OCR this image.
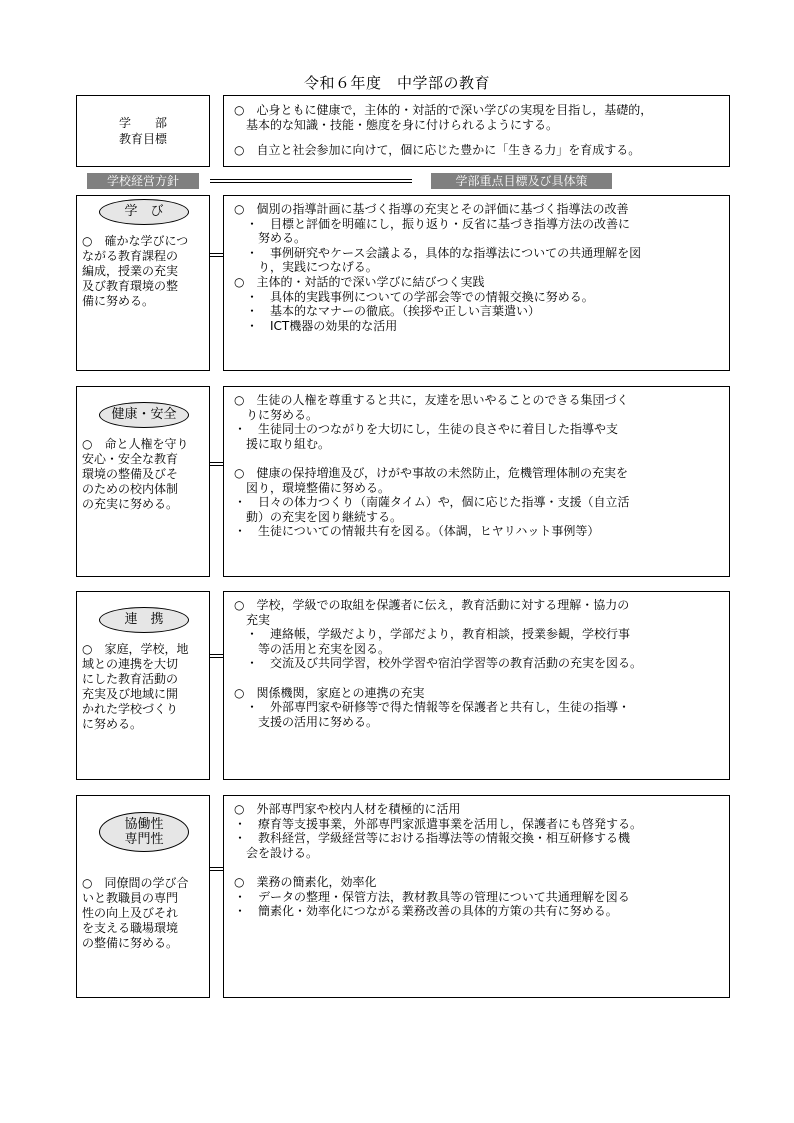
令和６年度　中学部の教育
学　　部
教育目標
○　心身ともに健康で，主体的・対話的で深い学びの実現を目指し，基礎的，
　基本的な知識・技能・態度を身に付けられるようにする。
○　自立と社会参加に向けて，個に応じた豊かに「生きる力」を育成する。
学校経営方針	学部重点目標及び具体策
学　び
○　確かな学びにつ
ながる教育課程の
編成，授業の充実
及び教育環境の整
備に努める。
○　個別の指導計画に基づく指導の充実とその評価に基づく指導法の改善
　・　目標と評価を明確にし，振り返り・反省に基づき指導方法の改善に
　　努める。
　・　事例研究やケース会議よる，具体的な指導法についての共通理解を図
　　り，実践につなげる。
○　主体的・対話的で深い学びに結びつく実践
　・　具体的実践事例についての学部会等での情報交換に努める。
　・　基本的なマナーの徹底。（挨拶や正しい言葉遣い）
　・　ICT機器の効果的な活用
健康・安全
○　命と人権を守り
安心・安全な教育
環境の整備及びそ
のための校内体制
の充実に努める。
○　生徒の人権を尊重すると共に，友達を思いやることのできる集団づく
　りに努める。
・　生徒同士のつながりを大切にし，生徒の良さやに着目した指導や支
　援に取り組む。
○　健康の保持増進及び，けがや事故の未然防止，危機管理体制の充実を
　図り，環境整備に努める。
・　日々の体力つくり（南薩タイム）や，個に応じた指導・支援（自立活
　動）の充実を図り継続する。
・　生徒についての情報共有を図る。（体調，ヒヤリハット事例等）
連　携
○　家庭，学校，地
域との連携を大切
にした教育活動の
充実及び地域に開
かれた学校づくり
に努める。
○　学校，学級での取組を保護者に伝え，教育活動に対する理解・協力の
　充実
　・　連絡帳，学級だより，学部だより，教育相談，授業参観，学校行事
　　等の活用と充実を図る。
　・　交流及び共同学習，校外学習や宿泊学習等の教育活動の充実を図る。
○　関係機関，家庭との連携の充実
　・　外部専門家や研修等で得た情報等を保護者と共有し，生徒の指導・
　　支援の活用に努める。
協働性
専門性
○　同僚間の学び合
いと教職員の専門
性の向上及びそれ
を支える職場環境
の整備に努める。
○　外部専門家や校内人材を積極的に活用
・　療育等支援事業，外部専門家派遣事業を活用し，保護者にも啓発する。
・　教科経営，学級経営等における指導法等の情報交換・相互研修する機
　会を設ける。
○　業務の簡素化，効率化
・　データの整理・保管方法，教材教具等の管理について共通理解を図る
・　簡素化・効率化につながる業務改善の具体的方策の共有に努める。
